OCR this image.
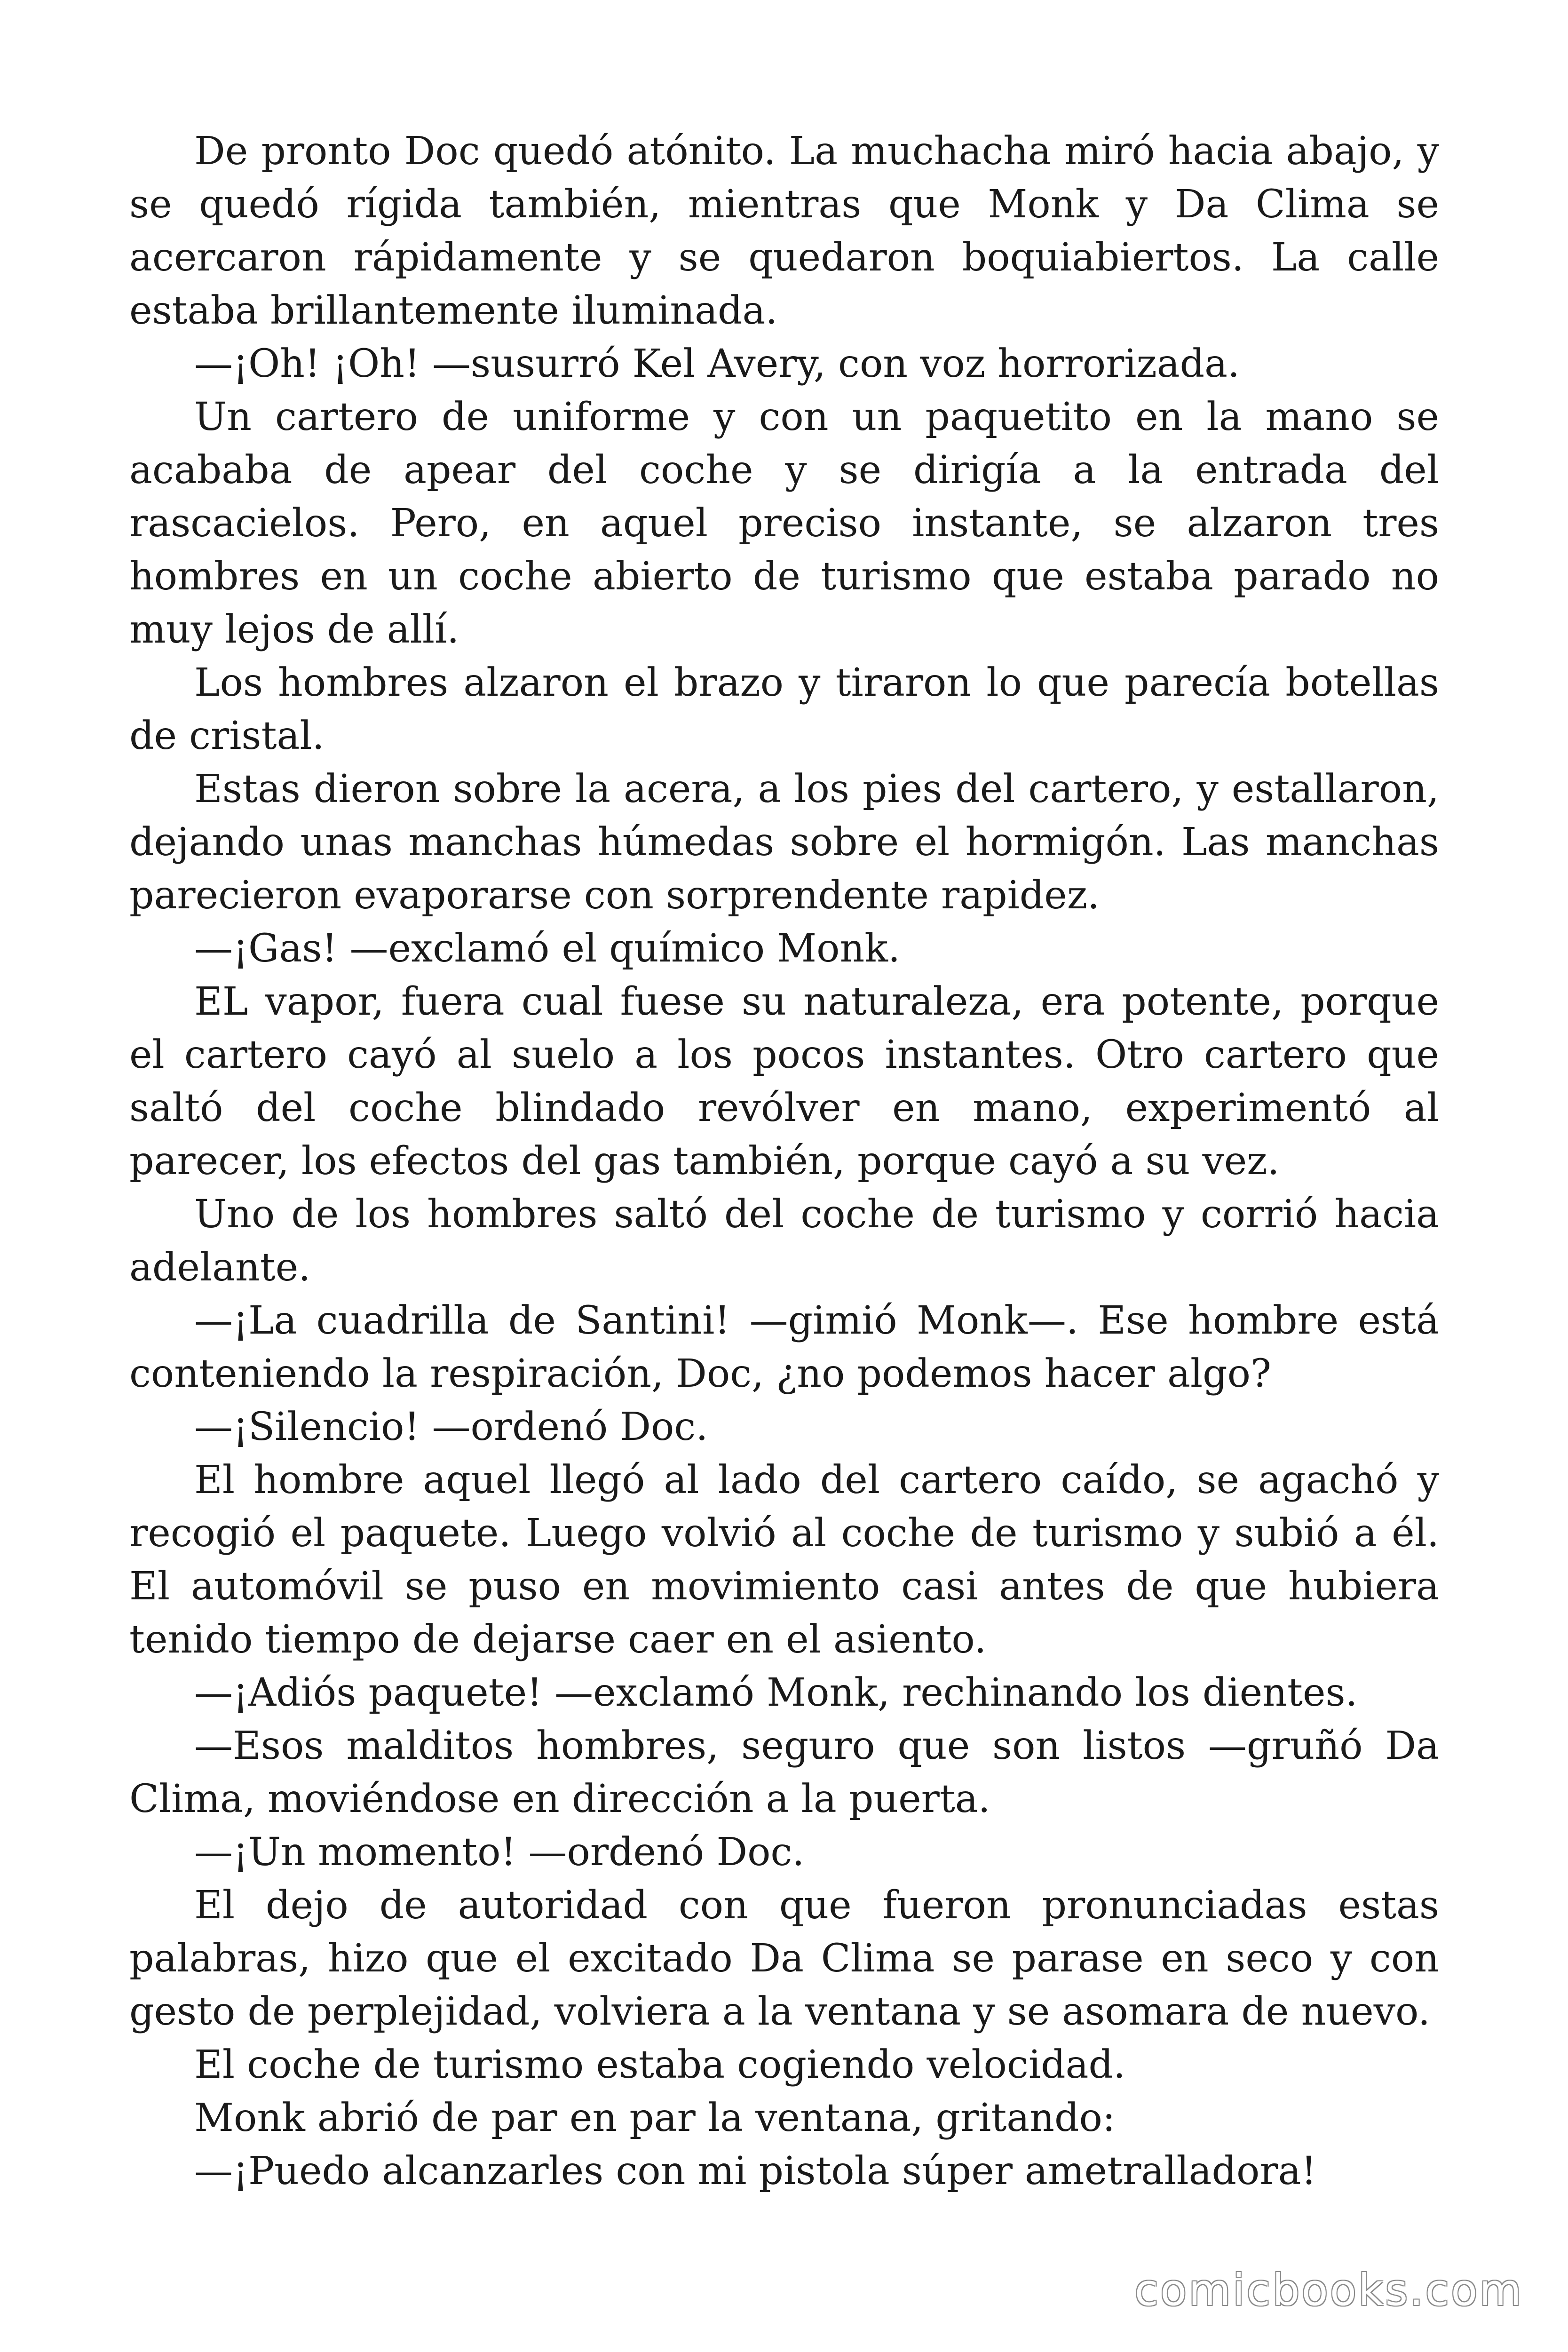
De pronto Doc quedó atónito. La muchacha miró hacia abajo, y se quedó rígida también, mientras que Monk y Da Clima se acercaron rápidamente y se quedaron boquiabiertos. La calle estaba brillantemente iluminada.

—¡Oh! ¡Oh! —susurró Kel Avery, con voz horrorizada.

Un cartero de uniforme y con un paquetito en la mano se acababa de apear del coche y se dirigía a la entrada del rascacielos. Pero, en aquel preciso instante, se alzaron tres hombres en un coche abierto de turismo que estaba parado no muy lejos de allí.

Los hombres alzaron el brazo y tiraron lo que parecía botellas de cristal.

Estas dieron sobre la acera, a los pies del cartero, y estallaron, dejando unas manchas húmedas sobre el hormigón. Las manchas parecieron evaporarse con sorprendente rapidez.

—¡Gas! —exclamó el químico Monk.

EL vapor, fuera cual fuese su naturaleza, era potente, porque el cartero cayó al suelo a los pocos instantes. Otro cartero que saltó del coche blindado revólver en mano, experimentó al parecer, los efectos del gas también, porque cayó a su vez.

Uno de los hombres saltó del coche de turismo y corrió hacia adelante.

—¡La cuadrilla de Santini! —gimió Monk—. Ese hombre está conteniendo la respiración, Doc, ¿no podemos hacer algo?

—¡Silencio! —ordenó Doc.

El hombre aquel llegó al lado del cartero caído, se agachó y recogió el paquete. Luego volvió al coche de turismo y subió a él. El automóvil se puso en movimiento casi antes de que hubiera tenido tiempo de dejarse caer en el asiento.

—¡Adiós paquete! —exclamó Monk, rechinando los dientes.

—Esos malditos hombres, seguro que son listos —gruñó Da Clima, moviéndose en dirección a la puerta.

—¡Un momento! —ordenó Doc.

El dejo de autoridad con que fueron pronunciadas estas palabras, hizo que el excitado Da Clima se parase en seco y con gesto de perplejidad, volviera a la ventana y se asomara de nuevo.

El coche de turismo estaba cogiendo velocidad.

Monk abrió de par en par la ventana, gritando:

—¡Puedo alcanzarles con mi pistola súper ametralladora!

comicbooks.com
